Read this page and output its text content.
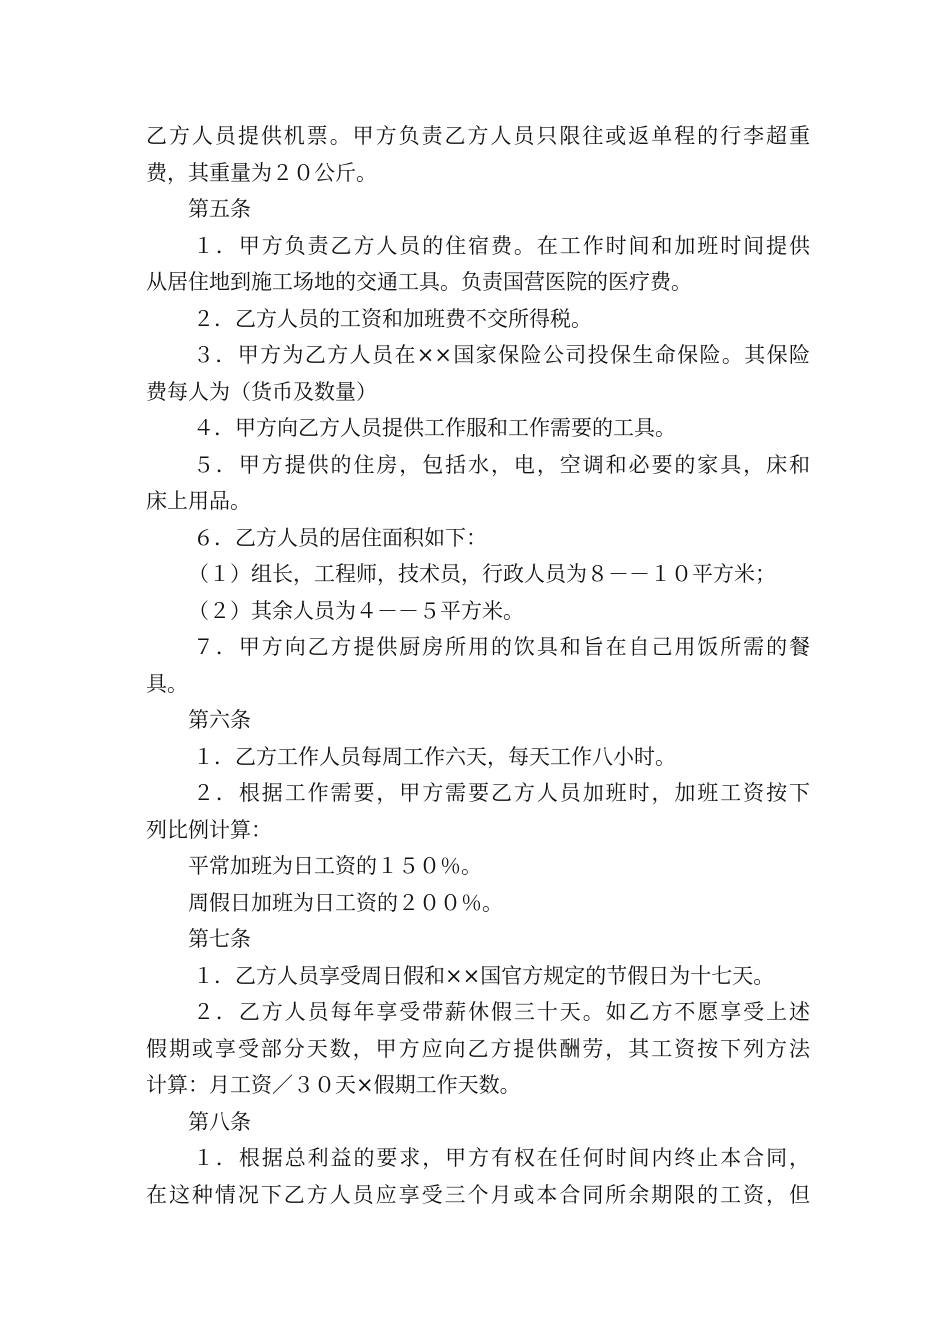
乙方人员提供机票。甲方负责乙方人员只限往或返单程的行李超重
费，其重量为２０公斤。
第五条
１．甲方负责乙方人员的住宿费。在工作时间和加班时间提供
从居住地到施工场地的交通工具。负责国营医院的医疗费。
２．乙方人员的工资和加班费不交所得税。
３．甲方为乙方人员在××国家保险公司投保生命保险。其保险
费每人为（货币及数量）
４．甲方向乙方人员提供工作服和工作需要的工具。
５．甲方提供的住房，包括水，电，空调和必要的家具，床和
床上用品。
６．乙方人员的居住面积如下：
（１）组长，工程师，技术员，行政人员为８－－１０平方米；
（２）其余人员为４－－５平方米。
７．甲方向乙方提供厨房所用的饮具和旨在自己用饭所需的餐
具。
第六条
１．乙方工作人员每周工作六天，每天工作八小时。
２．根据工作需要，甲方需要乙方人员加班时，加班工资按下
列比例计算：
平常加班为日工资的１５０％。
周假日加班为日工资的２００％。
第七条
１．乙方人员享受周日假和××国官方规定的节假日为十七天。
２．乙方人员每年享受带薪休假三十天。如乙方不愿享受上述
假期或享受部分天数，甲方应向乙方提供酬劳，其工资按下列方法
计算：月工资／３０天×假期工作天数。
第八条
１．根据总利益的要求，甲方有权在任何时间内终止本合同，
在这种情况下乙方人员应享受三个月或本合同所余期限的工资，但
